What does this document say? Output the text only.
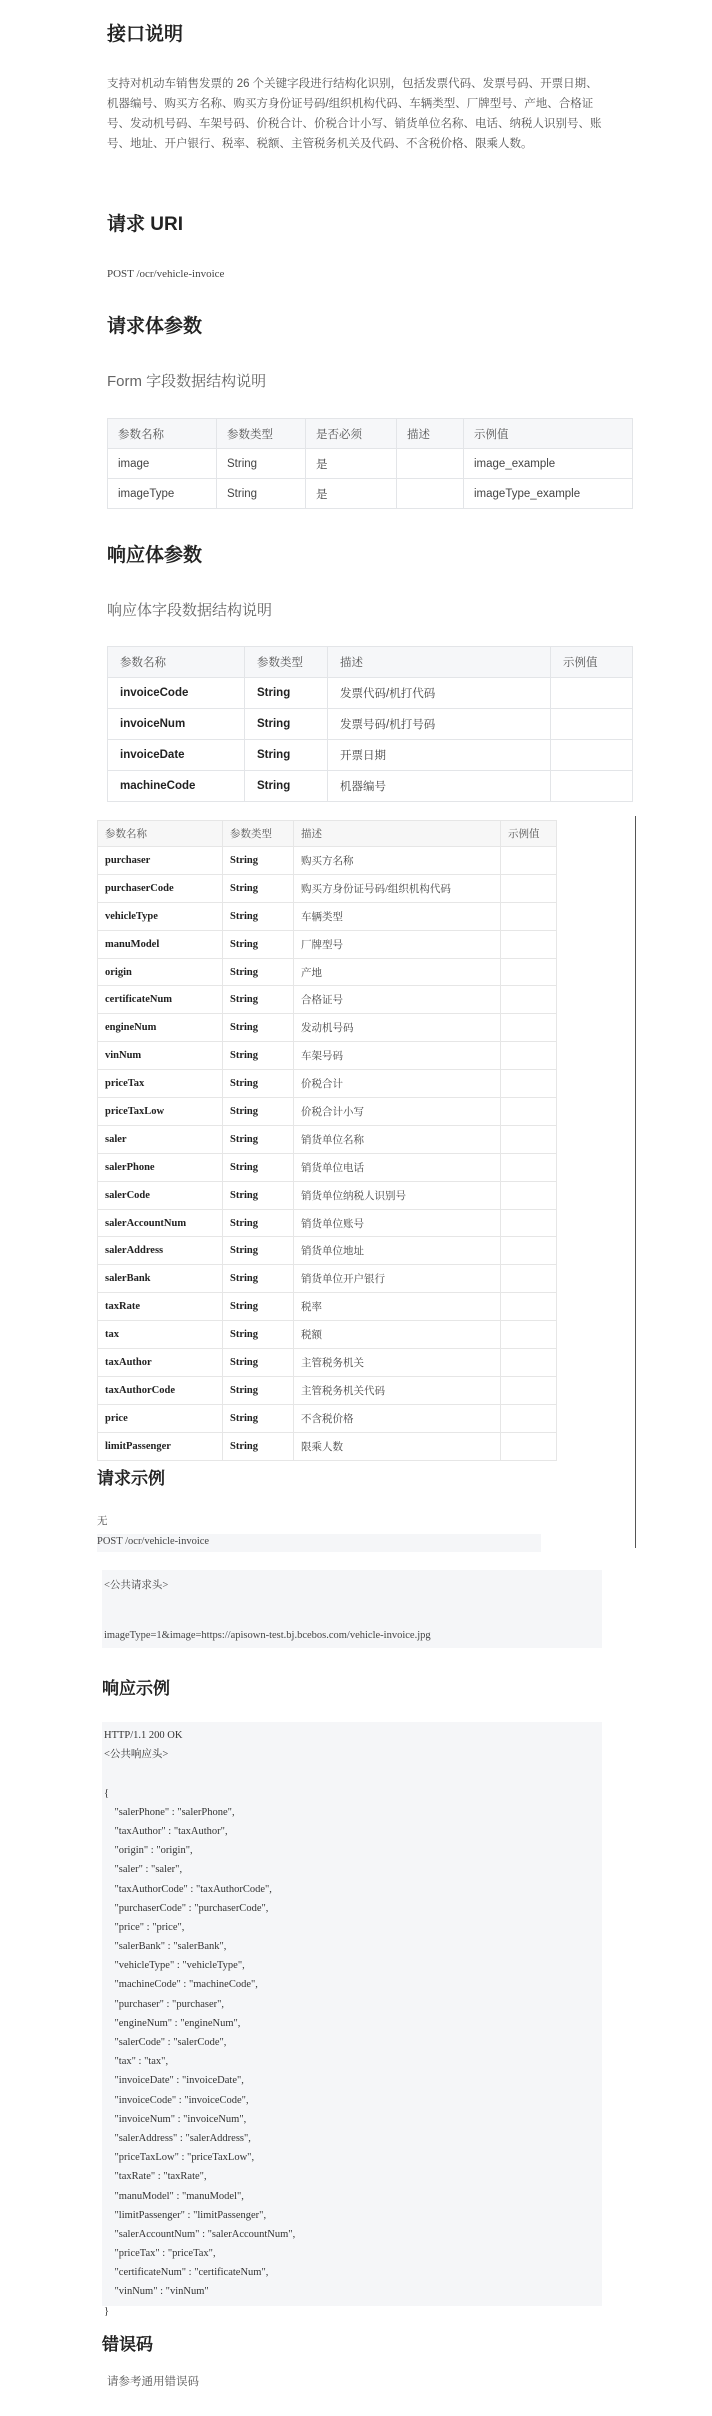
接口说明
支持对机动车销售发票的 26 个关键字段进行结构化识别，包括发票代码、发票号码、开票日期、机器编号、购买方名称、购买方身份证号码/组织机构代码、车辆类型、厂牌型号、产地、合格证号、发动机号码、车架号码、价税合计、价税合计小写、销货单位名称、电话、纳税人识别号、账号、地址、开户银行、税率、税额、主管税务机关及代码、不含税价格、限乘人数。
请求 URI
POST /ocr/vehicle-invoice
请求体参数
Form 字段数据结构说明
参数名称	参数类型	是否必须	描述	示例值
image	String	是		image_example
imageType	String	是		imageType_example
响应体参数
响应体字段数据结构说明
参数名称	参数类型	描述	示例值
invoiceCode	String	发票代码/机打代码	
invoiceNum	String	发票号码/机打号码	
invoiceDate	String	开票日期	
machineCode	String	机器编号	
参数名称	参数类型	描述	示例值
purchaser	String	购买方名称	
purchaserCode	String	购买方身份证号码/组织机构代码	
vehicleType	String	车辆类型	
manuModel	String	厂牌型号	
origin	String	产地	
certificateNum	String	合格证号	
engineNum	String	发动机号码	
vinNum	String	车架号码	
priceTax	String	价税合计	
priceTaxLow	String	价税合计小写	
saler	String	销货单位名称	
salerPhone	String	销货单位电话	
salerCode	String	销货单位纳税人识别号	
salerAccountNum	String	销货单位账号	
salerAddress	String	销货单位地址	
salerBank	String	销货单位开户银行	
taxRate	String	税率	
tax	String	税额	
taxAuthor	String	主管税务机关	
taxAuthorCode	String	主管税务机关代码	
price	String	不含税价格	
limitPassenger	String	限乘人数	
请求示例
无
POST /ocr/vehicle-invoice
<公共请求头>
imageType=1&image=https://apisown-test.bj.bcebos.com/vehicle-invoice.jpg
响应示例
HTTP/1.1 200 OK
<公共响应头>
{
"salerPhone" : "salerPhone",
"taxAuthor" : "taxAuthor",
"origin" : "origin",
"saler" : "saler",
"taxAuthorCode" : "taxAuthorCode",
"purchaserCode" : "purchaserCode",
"price" : "price",
"salerBank" : "salerBank",
"vehicleType" : "vehicleType",
"machineCode" : "machineCode",
"purchaser" : "purchaser",
"engineNum" : "engineNum",
"salerCode" : "salerCode",
"tax" : "tax",
"invoiceDate" : "invoiceDate",
"invoiceCode" : "invoiceCode",
"invoiceNum" : "invoiceNum",
"salerAddress" : "salerAddress",
"priceTaxLow" : "priceTaxLow",
"taxRate" : "taxRate",
"manuModel" : "manuModel",
"limitPassenger" : "limitPassenger",
"salerAccountNum" : "salerAccountNum",
"priceTax" : "priceTax",
"certificateNum" : "certificateNum",
"vinNum" : "vinNum"
}
错误码
请参考通用错误码
